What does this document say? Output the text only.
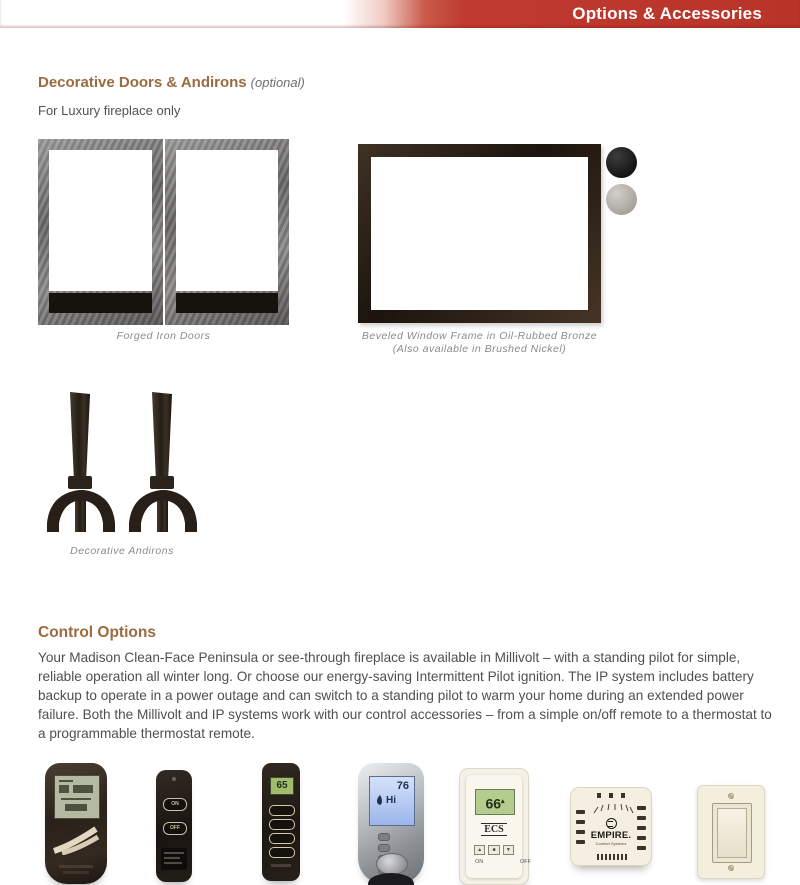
Options & Accessories
Decorative Doors & Andirons (optional)
For Luxury fireplace only
Forged Iron Doors	Beveled Window Frame in Oil-Rubbed Bronze
(Also available in Brushed Nickel)
Decorative Andirons
Control Options
Your Madison Clean-Face Peninsula or see-through fireplace is available in Millivolt – with a standing pilot for simple, reliable operation all winter long. Or choose our energy-saving Intermittent Pilot ignition. The IP system includes battery backup to operate in a power outage and can switch to a standing pilot to warm your home during an extended power failure. Both the Millivolt and IP systems work with our control accessories – from a simple on/off remote to a thermostat to a programmable thermostat remote.
ON
OFF
65	76
Hi	66▴
ECS
▲	■	▼
ON	OFF
EMPIRE.
Comfort Systems
